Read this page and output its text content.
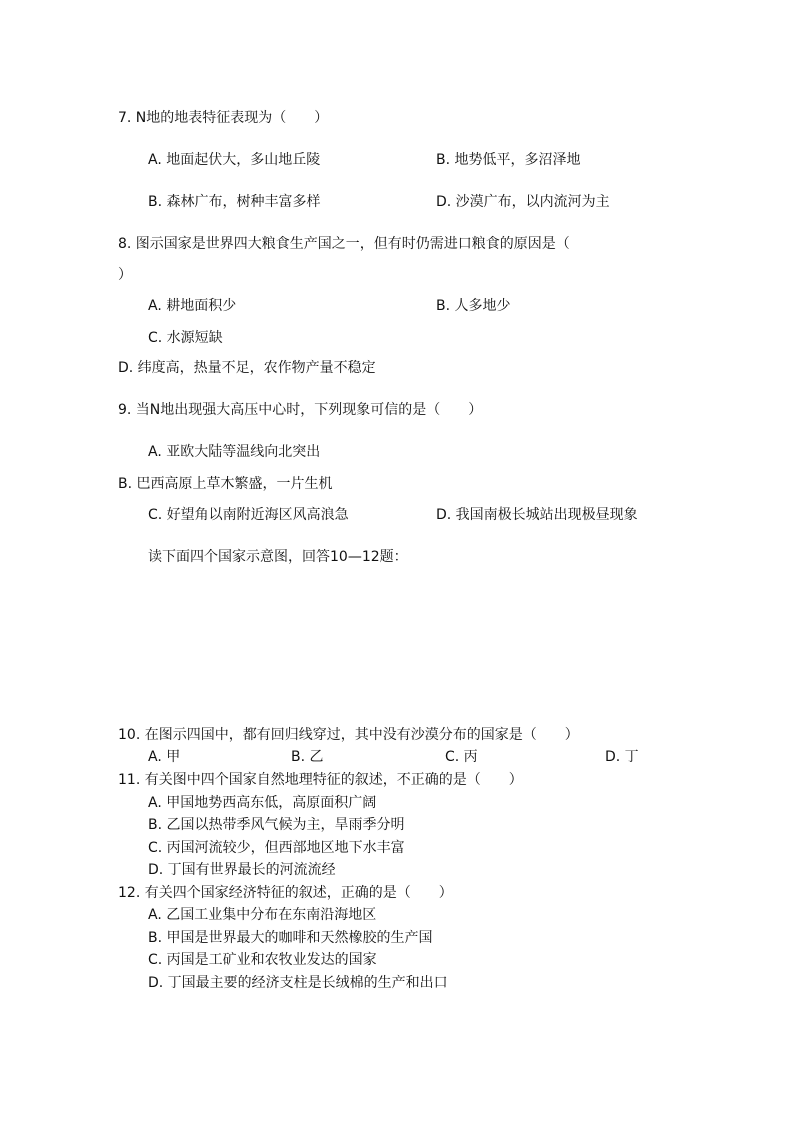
7. N地的地表特征表现为（　　）
A. 地面起伏大，多山地丘陵	B. 地势低平，多沼泽地
B. 森林广布，树种丰富多样	D. 沙漠广布，以内流河为主
8. 图示国家是世界四大粮食生产国之一，但有时仍需进口粮食的原因是（
）
A. 耕地面积少	B. 人多地少
C. 水源短缺
D. 纬度高，热量不足，农作物产量不稳定
9. 当N地出现强大高压中心时，下列现象可信的是（　　）
A. 亚欧大陆等温线向北突出
B. 巴西高原上草木繁盛，一片生机
C. 好望角以南附近海区风高浪急	D. 我国南极长城站出现极昼现象
读下面四个国家示意图，回答10—12题：
10. 在图示四国中，都有回归线穿过，其中没有沙漠分布的国家是（　　）
A. 甲	B. 乙	C. 丙	D. 丁
11. 有关图中四个国家自然地理特征的叙述，不正确的是（　　）
A. 甲国地势西高东低，高原面积广阔
B. 乙国以热带季风气候为主，旱雨季分明
C. 丙国河流较少，但西部地区地下水丰富
D. 丁国有世界最长的河流流经
12. 有关四个国家经济特征的叙述，正确的是（　　）
A. 乙国工业集中分布在东南沿海地区
B. 甲国是世界最大的咖啡和天然橡胶的生产国
C. 丙国是工矿业和农牧业发达的国家
D. 丁国最主要的经济支柱是长绒棉的生产和出口
